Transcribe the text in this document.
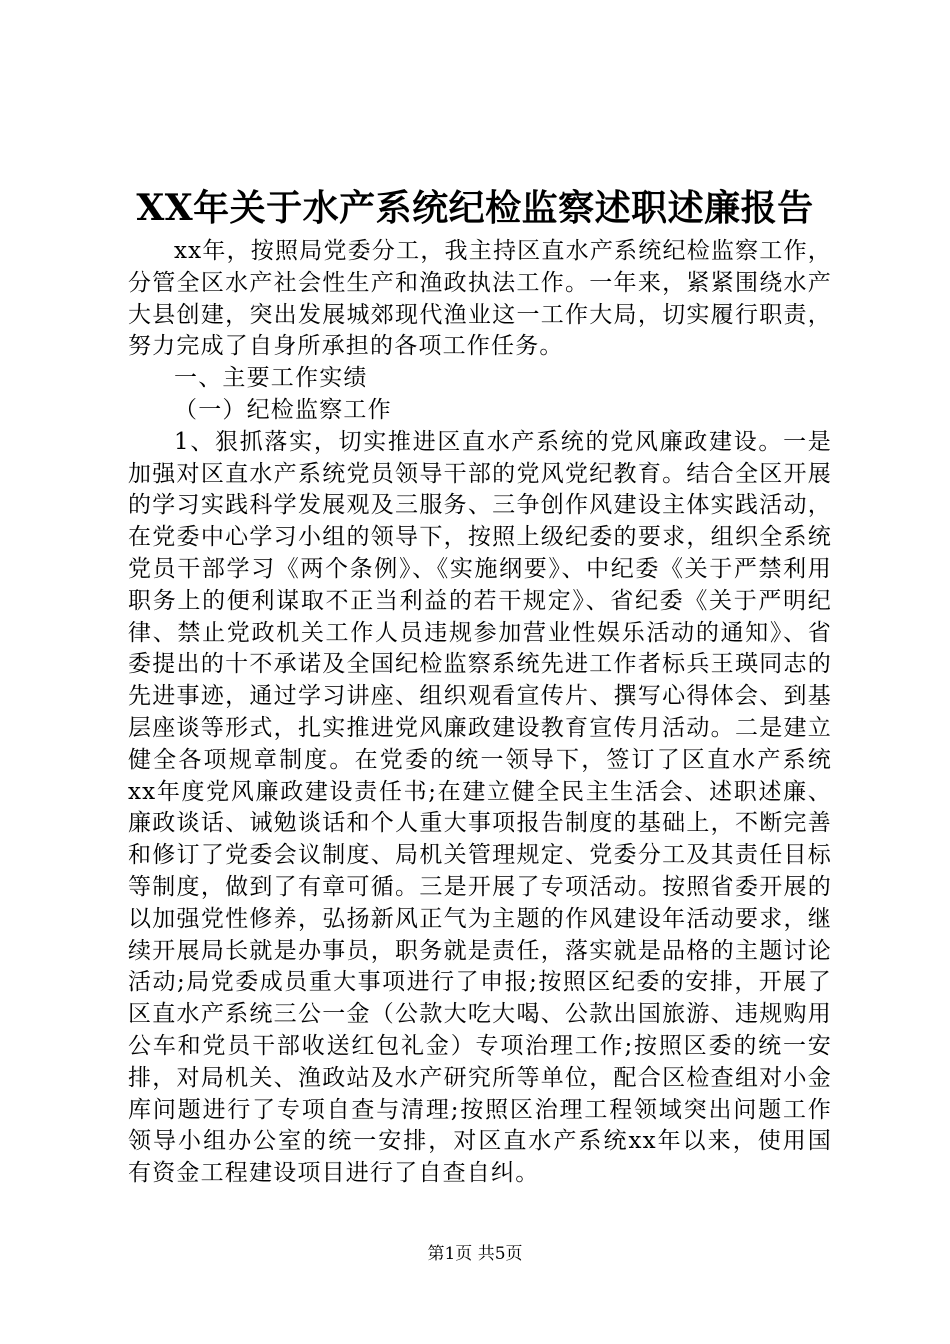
XX年关于水产系统纪检监察述职述廉报告

xx年，按照局党委分工，我主持区直水产系统纪检监察工作，分管全区水产社会性生产和渔政执法工作。一年来，紧紧围绕水产大县创建，突出发展城郊现代渔业这一工作大局，切实履行职责，努力完成了自身所承担的各项工作任务。

一、主要工作实绩

（一）纪检监察工作

1、狠抓落实，切实推进区直水产系统的党风廉政建设。一是加强对区直水产系统党员领导干部的党风党纪教育。结合全区开展的学习实践科学发展观及三服务、三争创作风建设主体实践活动，在党委中心学习小组的领导下，按照上级纪委的要求，组织全系统党员干部学习《两个条例》、《实施纲要》、中纪委《关于严禁利用职务上的便利谋取不正当利益的若干规定》、省纪委《关于严明纪律、禁止党政机关工作人员违规参加营业性娱乐活动的通知》、省委提出的十不承诺及全国纪检监察系统先进工作者标兵王瑛同志的先进事迹，通过学习讲座、组织观看宣传片、撰写心得体会、到基层座谈等形式，扎实推进党风廉政建设教育宣传月活动。二是建立健全各项规章制度。在党委的统一领导下，签订了区直水产系统xx年度党风廉政建设责任书;在建立健全民主生活会、述职述廉、廉政谈话、诫勉谈话和个人重大事项报告制度的基础上，不断完善和修订了党委会议制度、局机关管理规定、党委分工及其责任目标等制度，做到了有章可循。三是开展了专项活动。按照省委开展的以加强党性修养，弘扬新风正气为主题的作风建设年活动要求，继续开展局长就是办事员，职务就是责任，落实就是品格的主题讨论活动;局党委成员重大事项进行了申报;按照区纪委的安排，开展了区直水产系统三公一金（公款大吃大喝、公款出国旅游、违规购用公车和党员干部收送红包礼金）专项治理工作;按照区委的统一安排，对局机关、渔政站及水产研究所等单位，配合区检查组对小金库问题进行了专项自查与清理;按照区治理工程领域突出问题工作领导小组办公室的统一安排，对区直水产系统xx年以来，使用国有资金工程建设项目进行了自查自纠。

第1页 共5页
